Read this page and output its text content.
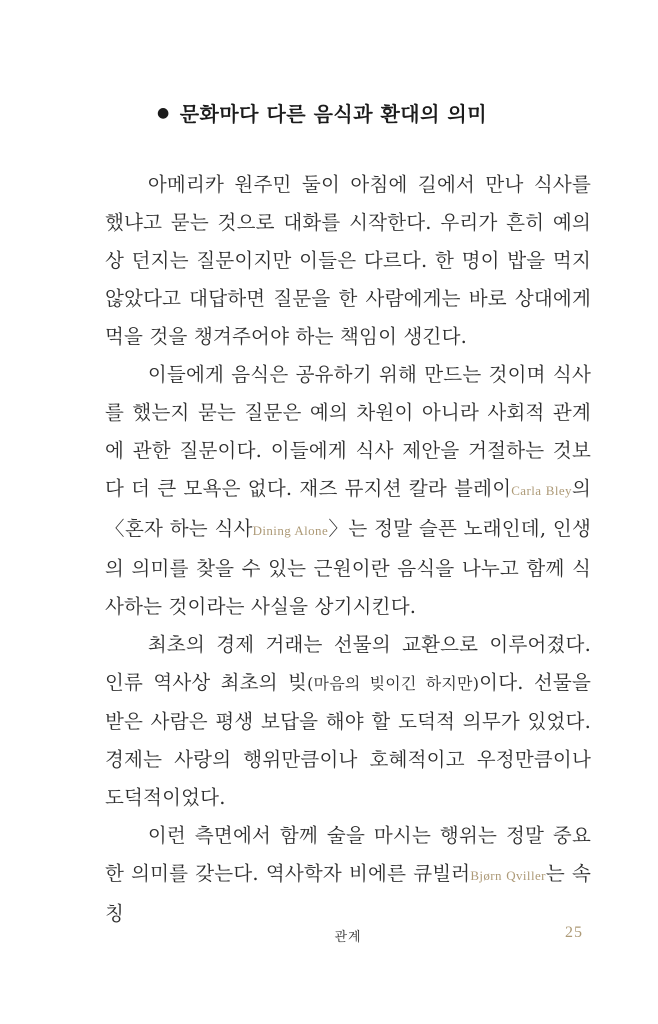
● 문화마다 다른 음식과 환대의 의미

아메리카 원주민 둘이 아침에 길에서 만나 식사를 했냐고 묻는 것으로 대화를 시작한다. 우리가 흔히 예의상 던지는 질문이지만 이들은 다르다. 한 명이 밥을 먹지 않았다고 대답하면 질문을 한 사람에게는 바로 상대에게 먹을 것을 챙겨주어야 하는 책임이 생긴다.

이들에게 음식은 공유하기 위해 만드는 것이며 식사를 했는지 묻는 질문은 예의 차원이 아니라 사회적 관계에 관한 질문이다. 이들에게 식사 제안을 거절하는 것보다 더 큰 모욕은 없다. 재즈 뮤지션 칼라 블레이Carla Bley의 〈혼자 하는 식사Dining Alone〉는 정말 슬픈 노래인데, 인생의 의미를 찾을 수 있는 근원이란 음식을 나누고 함께 식사하는 것이라는 사실을 상기시킨다.

최초의 경제 거래는 선물의 교환으로 이루어졌다. 인류 역사상 최초의 빚(마음의 빚이긴 하지만)이다. 선물을 받은 사람은 평생 보답을 해야 할 도덕적 의무가 있었다. 경제는 사랑의 행위만큼이나 호혜적이고 우정만큼이나 도덕적이었다.

이런 측면에서 함께 술을 마시는 행위는 정말 중요한 의미를 갖는다. 역사학자 비에른 큐빌러Bjørn Qviller는 속칭

관계	25
